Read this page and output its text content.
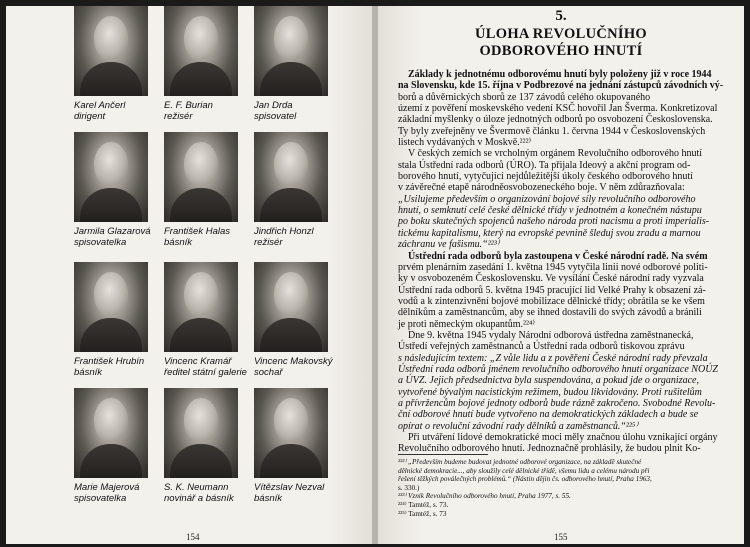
Karel Ančerl
dirigent
E. F. Burian
režisér
Jan Drda
spisovatel
Jarmila Glazarová
spisovatelka
František Halas
básník
Jindřich Honzl
režisér
František Hrubín
básník
Vincenc Kramář
ředitel státní galerie
Vincenc Makovský
sochař
Marie Majerová
spisovatelka
S. K. Neumann
novinář a básník
Vítězslav Nezval
básník
154
5.
ÚLOHA REVOLUČNÍHO
ODBOROVÉHO HNUTÍ
Základy k jednotnému odborovému hnutí byly položeny již v roce 1944
na Slovensku, kde 15. října v Podbrezové na jednání zástupců závodních vý-
borů a důvěrnických sborů ze 137 závodů celého okupovaného
území z pověření moskevského vedení KSČ hovořil Jan Šverma. Konkretizoval
základní myšlenky o úloze jednotných odborů po osvobození Československa.
Ty byly zveřejněny ve Švermově článku 1. června 1944 v Československých
listech vydávaných v Moskvě.²²²⁾
V českých zemích se vrcholným orgánem Revolučního odborového hnutí
stala Ústřední rada odborů (ÚRO). Ta přijala Ideový a akční program od-
borového hnutí, vytyčující nejdůležitější úkoly českého odborového hnutí
v závěrečné etapě národněosvobozeneckého boje. V něm zdůrazňovala:
„Usilujeme především o organizování bojové síly revolučního odborového
hnutí, o semknutí celé české dělnické třídy v jednotném a konečném nástupu
po boku skutečných spojenců našeho národa proti nacismu a proti imperialis-
tickému kapitalismu, který na evropské pevnině šleduj svou zradu a marnou
záchranu ve fašismu.“²²³⁾
Ústřední rada odborů byla zastoupena v České národní radě. Na svém
prvém plenárním zasedání 1. května 1945 vytyčila linii nové odborové politi-
ky v osvobozeném Československu. Ve vysílání České národní rady vyzvala
Ústřední rada odborů 5. května 1945 pracující lid Velké Prahy k obsazení zá-
vodů a k zintenzivnění bojové mobilizace dělnické třídy; obrátila se ke všem
dělníkům a zaměstnancům, aby se ihned dostavili do svých závodů a bránili
je proti německým okupantům.²²⁴⁾
Dne 9. května 1945 vydaly Národní odborová ústředna zaměstnanecká,
Ústředí veřejných zaměstnanců a Ústřední rada odborů tiskovou zprávu
s následujícím textem: „Z vůle lidu a z pověření České národní rady převzala
Ústřední rada odborů jménem revolučního odborového hnutí organizace NOÚZ
a ÚVZ. Jejich předsednictva byla suspendována, a pokud jde o organizace,
vytvořené bývalým nacistickým režimem, budou likvidovány. Proti rušitelům
a přívržencům bojové jednoty odborů bude rázně zakročeno. Svobodné Revolu-
ční odborové hnutí bude vytvořeno na demokratických základech a bude se
opírat o revoluční závodní rady dělníků a zaměstnanců.“²²⁵⁾
Při utváření lidové demokratické moci měly značnou úlohu vznikající orgány
Revolučního odborového hnutí. Jednoznačně prohlásily, že budou plnit Ko-
²²²⁾ „Především budeme budovat jednotné odborové organizace, na základě skutečné
dělnické demokracie..., aby sloužily celé dělnické třídě, všemu lidu a celému národu při
řešení těžkých poválečných problémů.“ (Nástin dějin čs. odborového hnutí, Praha 1963,
s. 330.)
²²³⁾ Vznik Revolučního odborového hnutí, Praha 1977, s. 55.
²²⁴⁾ Tamtéž, s. 73.
²²⁵⁾ Tamtéž, s. 73
155
